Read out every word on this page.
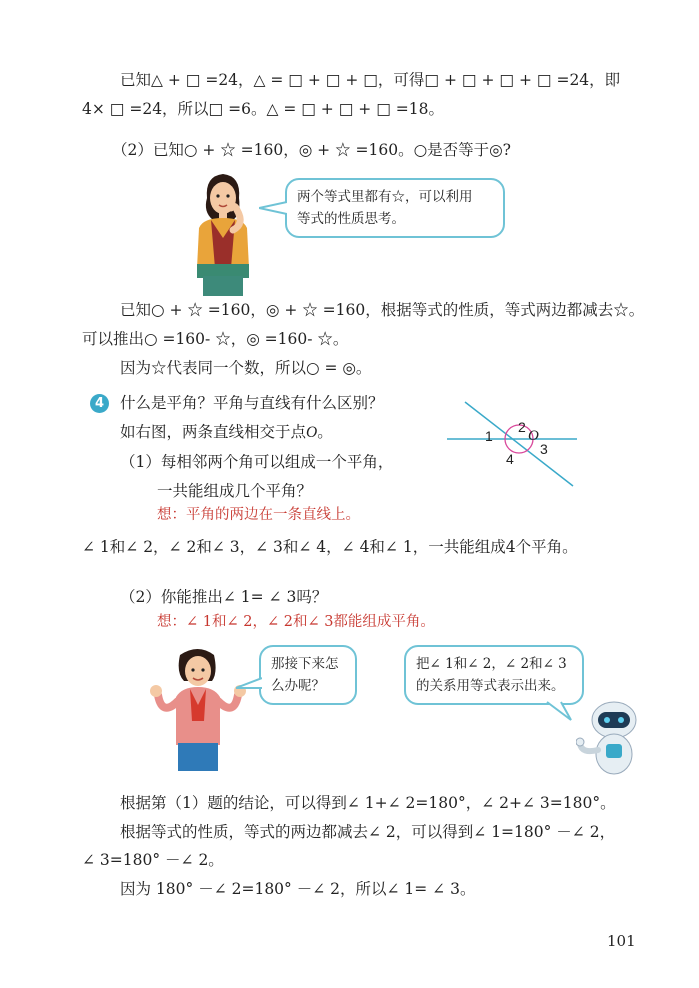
已知△ + □ =24，△ = □ + □ + □，可得□ + □ + □ + □ =24，即
4× □ =24，所以□ =6。△ = □ + □ + □ =18。
（2）已知○ + ☆ =160，◎ + ☆ =160。○是否等于◎?
两个等式里都有☆，可以利用
等式的性质思考。
已知○ + ☆ =160，◎ + ☆ =160，根据等式的性质，等式两边都减去☆。
可以推出○ =160- ☆，◎ =160- ☆。
因为☆代表同一个数，所以○ = ◎。
4	什么是平角？平角与直线有什么区别？
如右图，两条直线相交于点O。
（1）每相邻两个角可以组成一个平角，
一共能组成几个平角？
想：平角的两边在一条直线上。
1
2
3
4
O
∠ 1和∠ 2，∠ 2和∠ 3，∠ 3和∠ 4，∠ 4和∠ 1，一共能组成4个平角。
（2）你能推出∠ 1= ∠ 3吗？
想：∠ 1和∠ 2，∠ 2和∠ 3都能组成平角。
那接下来怎
么办呢？
把∠ 1和∠ 2，∠ 2和∠ 3
的关系用等式表示出来。
根据第（1）题的结论，可以得到∠ 1+∠ 2=180°，∠ 2+∠ 3=180°。
根据等式的性质，等式的两边都减去∠ 2，可以得到∠ 1=180° －∠ 2，
∠ 3=180° －∠ 2。
因为 180° －∠ 2=180° －∠ 2，所以∠ 1= ∠ 3。
101
